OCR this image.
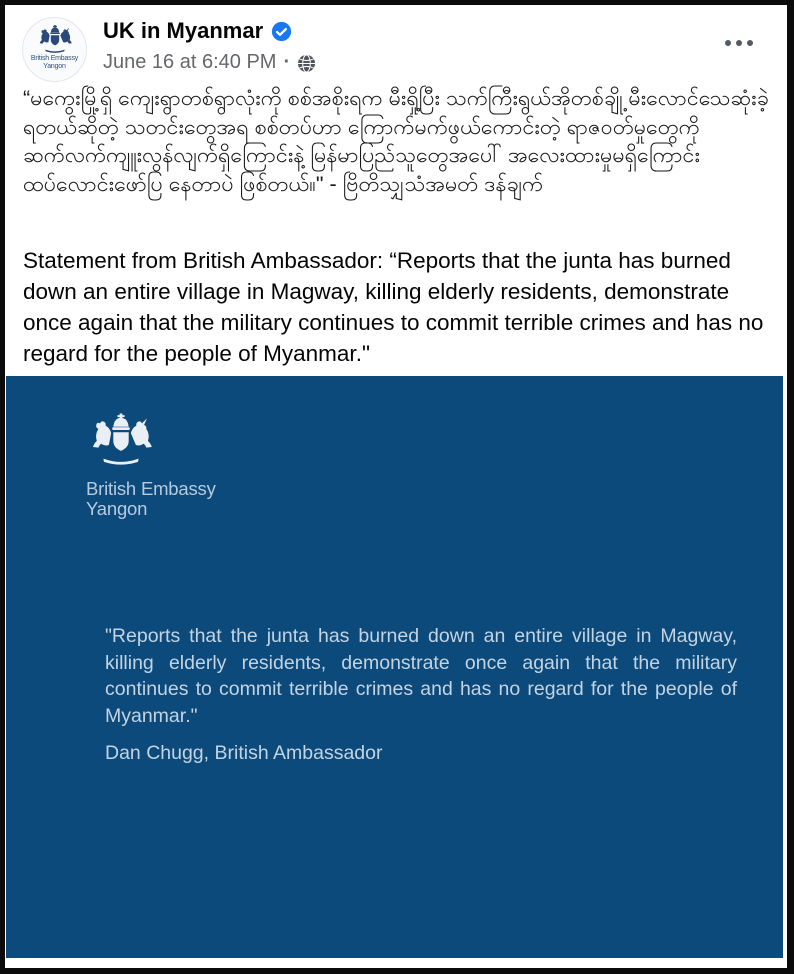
British Embassy
Yangon
UK in Myanmar
June 16 at 6:40 PM ·

“မကွေးမြို့ရှိ ကျေးရွာတစ်ရွာလုံးကို စစ်အစိုးရက မီးရှို့ပြီး သက်ကြီးရွယ်အိုတစ်ချို့ မီးလောင်သေဆုံးခဲ့ရတယ်ဆိုတဲ့ သတင်းတွေအရ စစ်တပ်ဟာ ကြောက်မက်ဖွယ်ကောင်းတဲ့ ရာဇဝတ်မှုတွေကို ဆက်လက်ကျူးလွန်လျက်ရှိကြောင်းနဲ့ မြန်မာပြည်သူတွေအပေါ် အလေးထားမှုမရှိကြောင်းထပ်လောင်းဖော်ပြ နေတာပဲ ဖြစ်တယ်။" - ဗြိတိသျှသံအမတ် ဒန်ချက်

Statement from British Ambassador: “Reports that the junta has burned down an entire village in Magway, killing elderly residents, demonstrate once again that the military continues to commit terrible crimes and has no regard for the people of Myanmar."

British Embassy
Yangon

"Reports that the junta has burned down an entire village in Magway, killing elderly residents, demonstrate once again that the military continues to commit terrible crimes and has no regard for the people of Myanmar."

Dan Chugg, British Ambassador
